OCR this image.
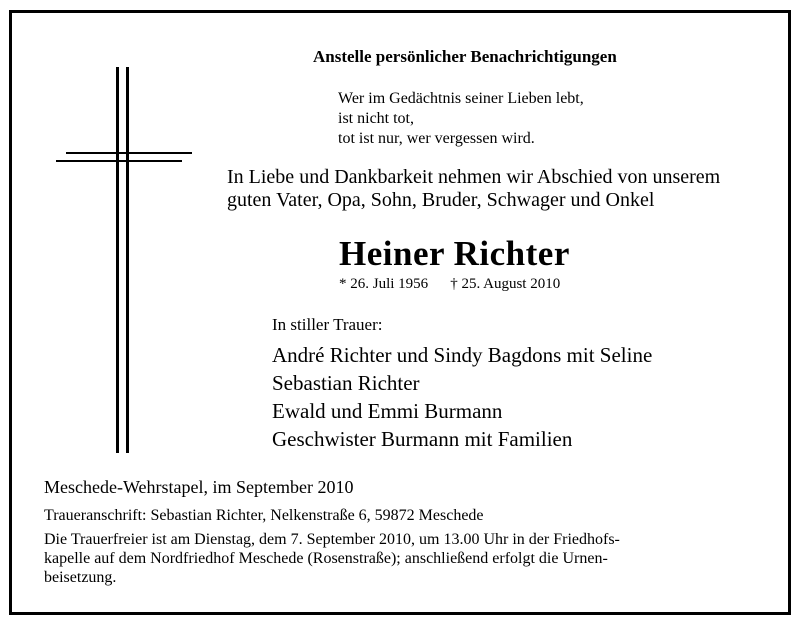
Anstelle persönlicher Benachrichtigungen

Wer im Gedächtnis seiner Lieben lebt,
ist nicht tot,
tot ist nur, wer vergessen wird.
In Liebe und Dankbarkeit nehmen wir Abschied von unserem
guten Vater, Opa, Sohn, Bruder, Schwager und Onkel
Heiner Richter
* 26. Juli 1956 † 25. August 2010
In stiller Trauer:
André Richter und Sindy Bagdons mit Seline
Sebastian Richter
Ewald und Emmi Burmann
Geschwister Burmann mit Familien
Meschede-Wehrstapel, im September 2010
Traueranschrift: Sebastian Richter, Nelkenstraße 6, 59872 Meschede
Die Trauerfreier ist am Dienstag, dem 7. September 2010, um 13.00 Uhr in der Friedhofs-
kapelle auf dem Nordfriedhof Meschede (Rosenstraße); anschließend erfolgt die Urnen-
beisetzung.
